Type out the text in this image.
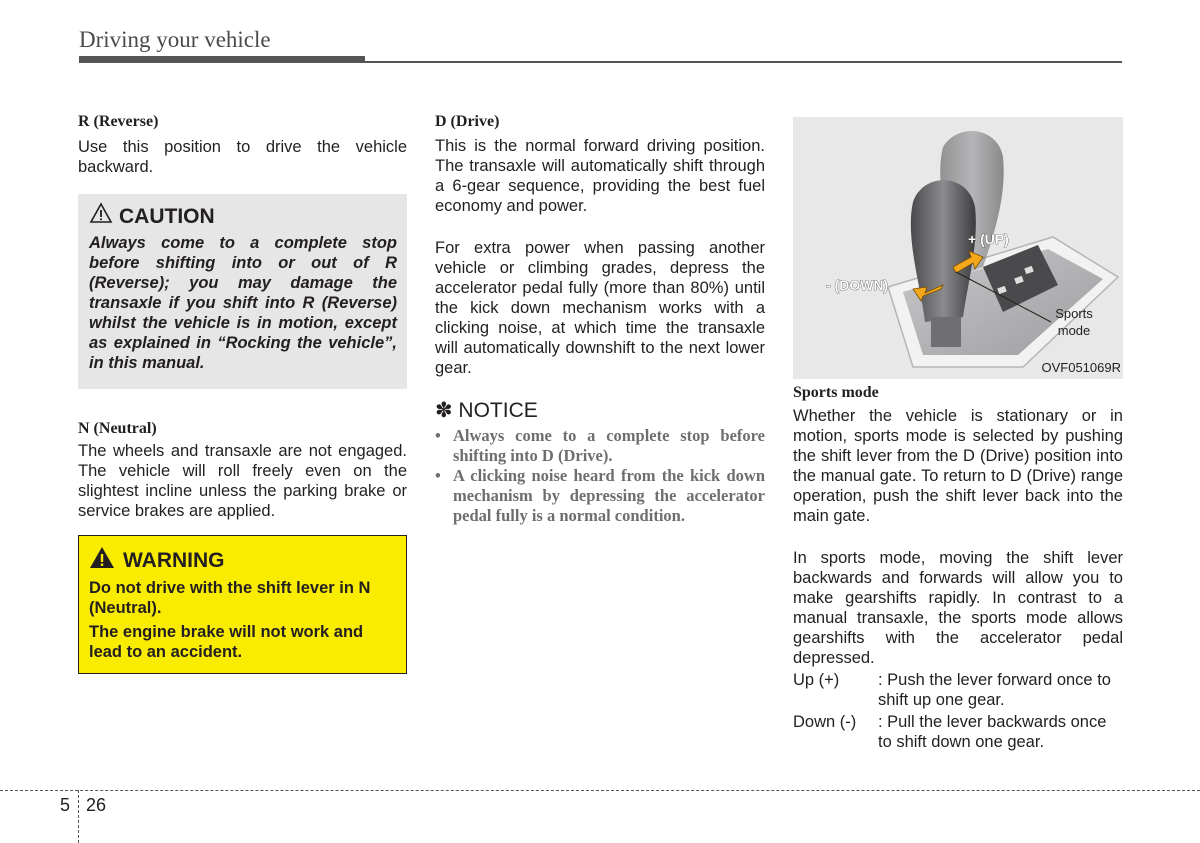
Driving your vehicle

R (Reverse)

Use this position to drive the vehicle backward.

CAUTION

Always come to a complete stop before shifting into or out of R (Reverse); you may damage the transaxle if you shift into R (Reverse) whilst the vehicle is in motion, except as explained in “Rocking the vehicle”, in this manual.

N (Neutral)

The wheels and transaxle are not engaged. The vehicle will roll freely even on the slightest incline unless the parking brake or service brakes are applied.

WARNING

Do not drive with the shift lever in N (Neutral).

The engine brake will not work and lead to an accident.

D (Drive)

This is the normal forward driving position. The transaxle will automatically shift through a 6-gear sequence, providing the best fuel economy and power.

For extra power when passing another vehicle or climbing grades, depress the accelerator pedal fully (more than 80%) until the kick down mechanism works with a clicking noise, at which time the transaxle will automatically downshift to the next lower gear.

✽ NOTICE

• Always come to a complete stop before shifting into D (Drive).
• A clicking noise heard from the kick down mechanism by depressing the accelerator pedal fully is a normal condition.
+ (UP)
- (DOWN)
Sports mode
OVF051069R

Sports mode

Whether the vehicle is stationary or in motion, sports mode is selected by pushing the shift lever from the D (Drive) position into the manual gate. To return to D (Drive) range operation, push the shift lever back into the main gate.

In sports mode, moving the shift lever backwards and forwards will allow you to make gearshifts rapidly. In contrast to a manual transaxle, the sports mode allows gearshifts with the accelerator pedal depressed.

Up (+)	: Push the lever forward once to shift up one gear.
Down (-)	: Pull the lever backwards once to shift down one gear.
5 26
